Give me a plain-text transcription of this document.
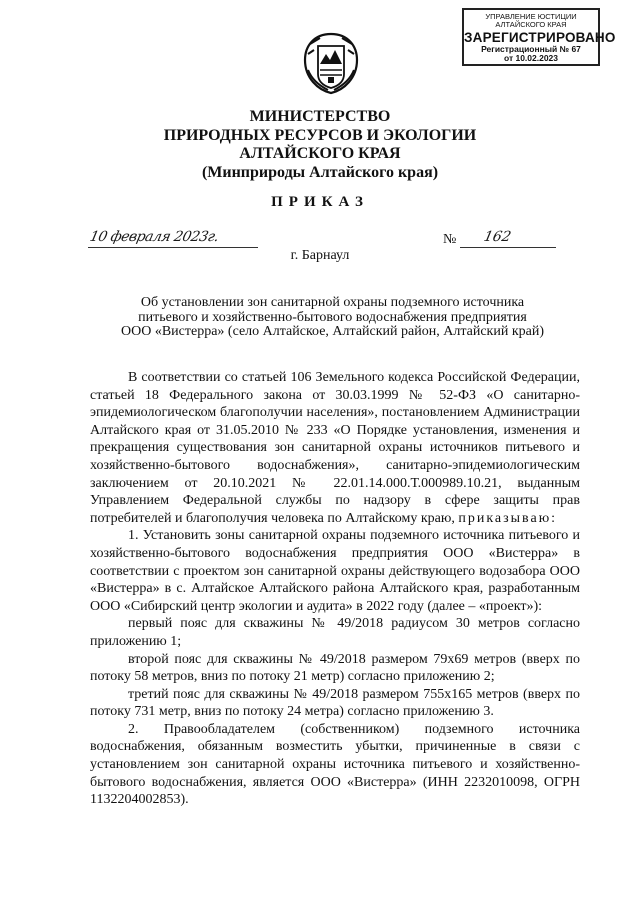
УПРАВЛЕНИЕ ЮСТИЦИИ
АЛТАЙСКОГО КРАЯ
ЗАРЕГИСТРИРОВАНО
Регистрационный № 67
от 10.02.2023
МИНИСТЕРСТВО
ПРИРОДНЫХ РЕСУРСОВ И ЭКОЛОГИИ
АЛТАЙСКОГО КРАЯ
(Минприроды Алтайского края)
ПРИКАЗ
10 февраля 2023г.	№ 162
г. Барнаул
Об установлении зон санитарной охраны подземного источника
питьевого и хозяйственно-бытового водоснабжения предприятия
ООО «Вистерра» (село Алтайское, Алтайский район, Алтайский край)

В соответствии со статьей 106 Земельного кодекса Российской Федерации, статьей 18 Федерального закона от 30.03.1999 № 52-ФЗ «О санитарно-эпидемиологическом благополучии населения», постановлением Администрации Алтайского края от 31.05.2010 № 233 «О Порядке установления, изменения и прекращения существования зон санитарной охраны источников питьевого и хозяйственно-бытового водоснабжения», санитарно-эпидемиологическим заключением от 20.10.2021 № 22.01.14.000.Т.000989.10.21, выданным Управлением Федеральной службы по надзору в сфере защиты прав потребителей и благополучия человека по Алтайскому краю, приказываю:

1. Установить зоны санитарной охраны подземного источника питьевого и хозяйственно-бытового водоснабжения предприятия ООО «Вистерра» в соответствии с проектом зон санитарной охраны действующего водозабора ООО «Вистерра» в с. Алтайское Алтайского района Алтайского края, разработанным ООО «Сибирский центр экологии и аудита» в 2022 году (далее – «проект»):

первый пояс для скважины № 49/2018 радиусом 30 метров согласно приложению 1;

второй пояс для скважины № 49/2018 размером 79х69 метров (вверх по потоку 58 метров, вниз по потоку 21 метр) согласно приложению 2;

третий пояс для скважины № 49/2018 размером 755х165 метров (вверх по потоку 731 метр, вниз по потоку 24 метра) согласно приложению 3.

2. Правообладателем (собственником) подземного источника водоснабжения, обязанным возместить убытки, причиненные в связи с установлением зон санитарной охраны источника питьевого и хозяйственно-бытового водоснабжения, является ООО «Вистерра» (ИНН 2232010098, ОГРН 1132204002853).
